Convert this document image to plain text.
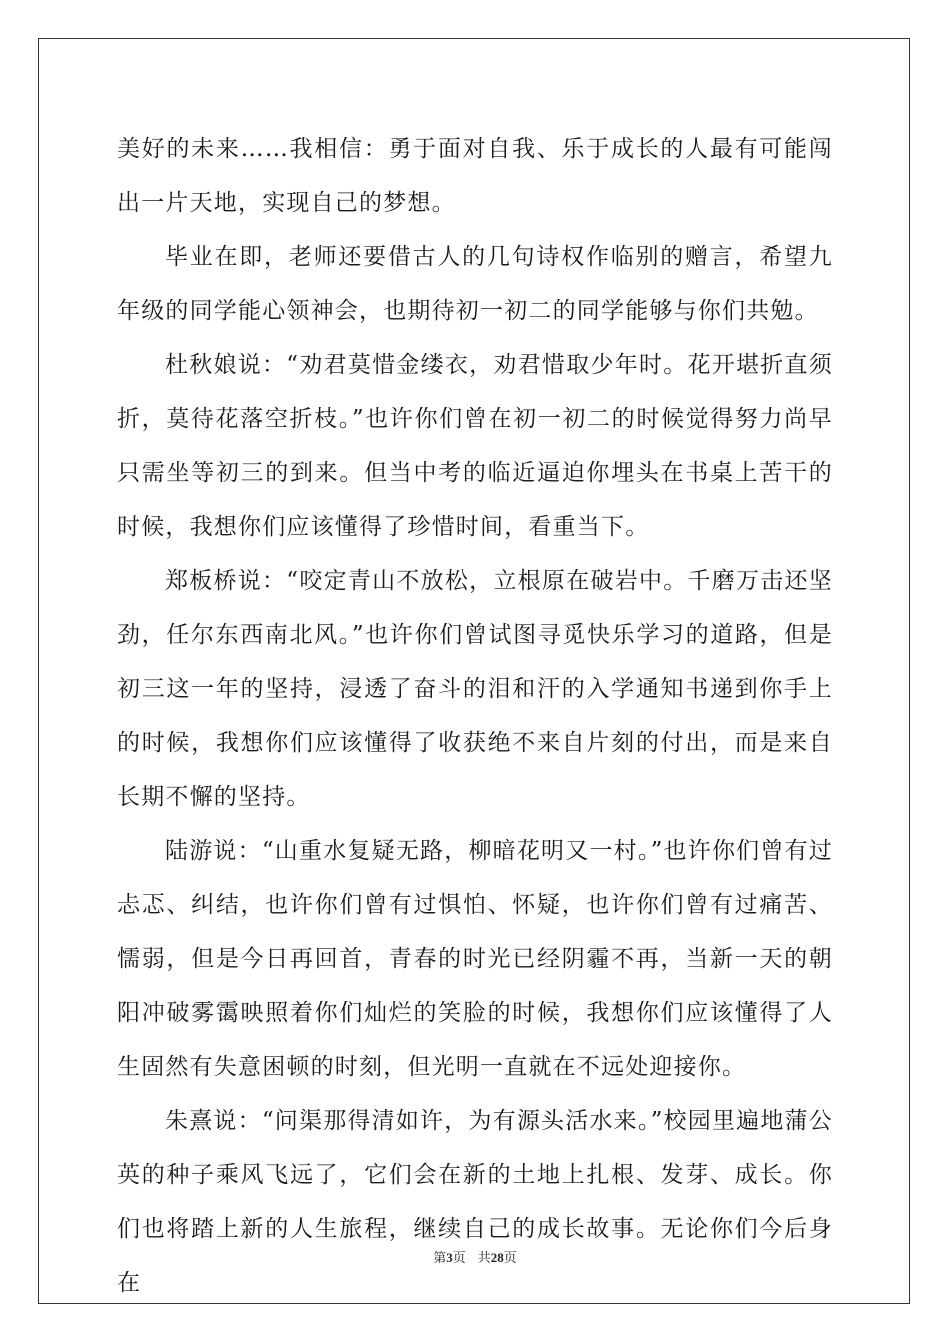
美好的未来……我相信：勇于面对自我、乐于成长的人最有可能闯出一片天地，实现自己的梦想。

毕业在即，老师还要借古人的几句诗权作临别的赠言，希望九年级的同学能心领神会，也期待初一初二的同学能够与你们共勉。

杜秋娘说：“劝君莫惜金缕衣，劝君惜取少年时。花开堪折直须折，莫待花落空折枝。”也许你们曾在初一初二的时候觉得努力尚早只需坐等初三的到来。但当中考的临近逼迫你埋头在书桌上苦干的时候，我想你们应该懂得了珍惜时间，看重当下。

郑板桥说：“咬定青山不放松，立根原在破岩中。千磨万击还坚劲，任尔东西南北风。”也许你们曾试图寻觅快乐学习的道路，但是初三这一年的坚持，浸透了奋斗的泪和汗的入学通知书递到你手上的时候，我想你们应该懂得了收获绝不来自片刻的付出，而是来自长期不懈的坚持。

陆游说：“山重水复疑无路，柳暗花明又一村。”也许你们曾有过忐忑、纠结，也许你们曾有过惧怕、怀疑，也许你们曾有过痛苦、懦弱，但是今日再回首，青春的时光已经阴霾不再，当新一天的朝阳冲破雾霭映照着你们灿烂的笑脸的时候，我想你们应该懂得了人生固然有失意困顿的时刻，但光明一直就在不远处迎接你。

朱熹说：“问渠那得清如许，为有源头活水来。”校园里遍地蒲公英的种子乘风飞远了，它们会在新的土地上扎根、发芽、成长。你们也将踏上新的人生旅程，继续自己的成长故事。无论你们今后身在

第3页 共28页
